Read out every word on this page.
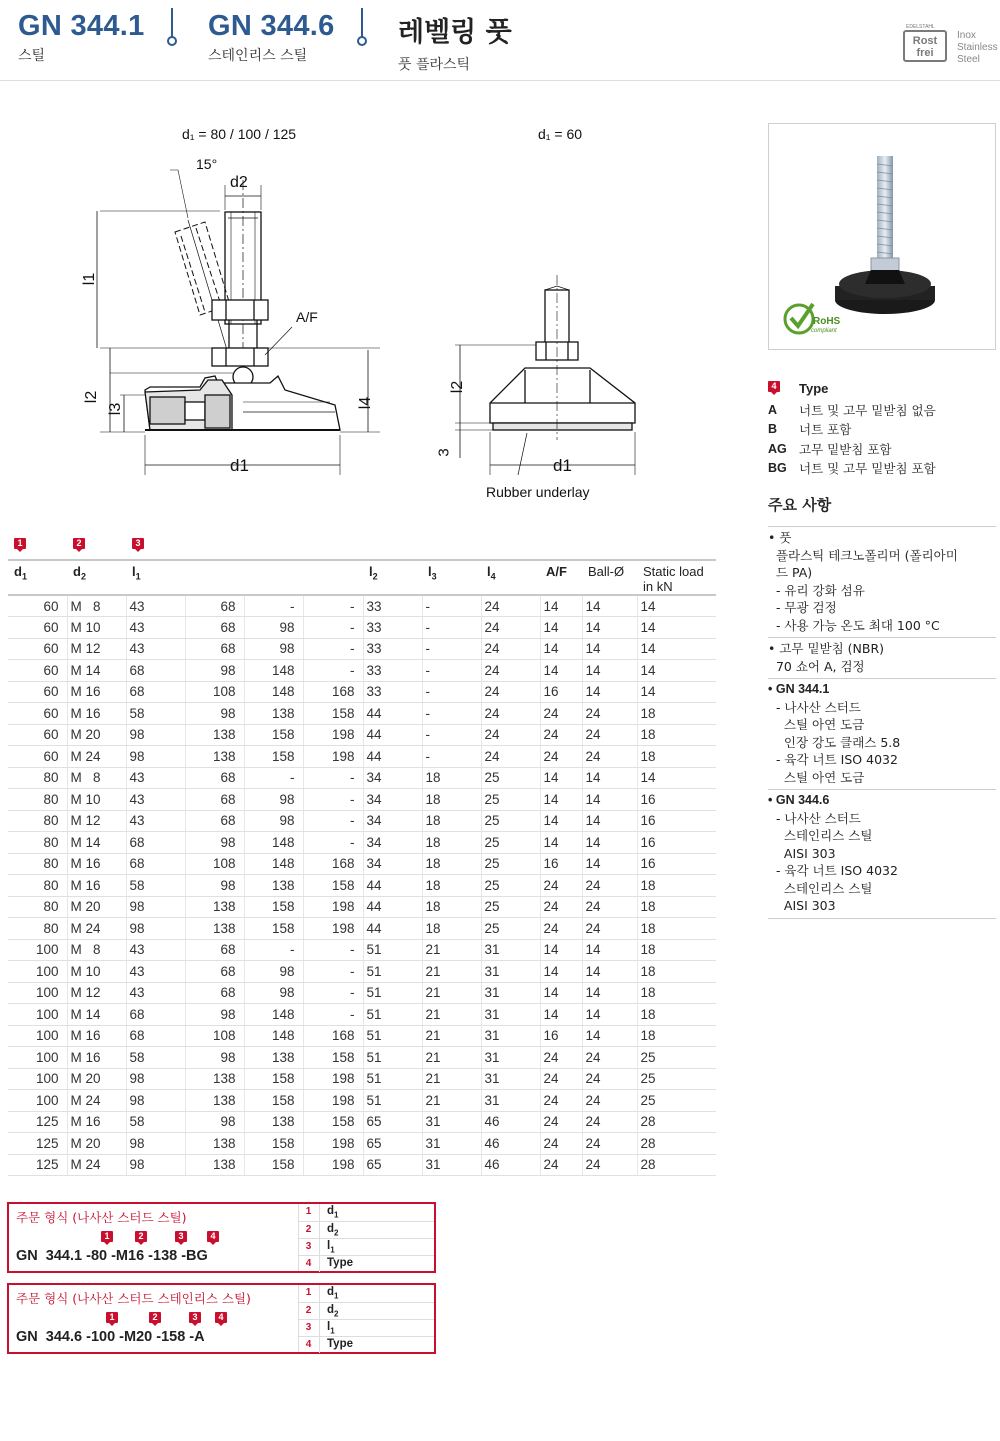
GN 344.1
스틸
GN 344.6
스테인리스 스틸
레벨링 풋
풋 플라스틱
Rost
frei
EDELSTAHL
Inox
Stainless
Steel
d₁ = 80 / 100 / 125	d₁ = 60
15°
d2
l1
A/F
l2
l3	l4
d1
l2
3
d1
Rubber underlay
RoHS
compliant
4 Type
A	너트 및 고무 밑받침 없음
B	너트 포함
AG 고무 밑받침 포함
BG 너트 및 고무 밑받침 포함
주요 사항
• 풋
플라스틱 테크노폴리머 (폴리아미
드 PA)
- 유리 강화 섬유
- 무광 검정
- 사용 가능 온도 최대 100 °C
• 고무 밑받침 (NBR)
70 쇼어 A, 검정
• GN 344.1
- 나사산 스터드
스틸 아연 도금
인장 강도 클래스 5.8
- 육각 너트 ISO 4032
스틸 아연 도금
• GN 344.6
- 나사산 스터드
스테인리스 스틸
AISI 303
- 육각 너트 ISO 4032
스테인리스 스틸
AISI 303
1	2	3
$d_1$	$d_2$	$l_1$				$l_2$	$l_3$	$l_4$	A/F	Ball-Ø	Static load in kN
60	M   8	43	68	-	-	33	-	24	14	14	14
60	M 10	43	68	98	-	33	-	24	14	14	14
60	M 12	43	68	98	-	33	-	24	14	14	14
60	M 14	68	98	148	-	33	-	24	14	14	14
60	M 16	68	108	148	168	33	-	24	16	14	14
60	M 16	58	98	138	158	44	-	24	24	24	18
60	M 20	98	138	158	198	44	-	24	24	24	18
60	M 24	98	138	158	198	44	-	24	24	24	18
80	M   8	43	68	-	-	34	18	25	14	14	14
80	M 10	43	68	98	-	34	18	25	14	14	16
80	M 12	43	68	98	-	34	18	25	14	14	16
80	M 14	68	98	148	-	34	18	25	14	14	16
80	M 16	68	108	148	168	34	18	25	16	14	16
80	M 16	58	98	138	158	44	18	25	24	24	18
80	M 20	98	138	158	198	44	18	25	24	24	18
80	M 24	98	138	158	198	44	18	25	24	24	18
100	M   8	43	68	-	-	51	21	31	14	14	18
100	M 10	43	68	98	-	51	21	31	14	14	18
100	M 12	43	68	98	-	51	21	31	14	14	18
100	M 14	68	98	148	-	51	21	31	14	14	18
100	M 16	68	108	148	168	51	21	31	16	14	18
100	M 16	58	98	138	158	51	21	31	24	24	25
100	M 20	98	138	158	198	51	21	31	24	24	25
100	M 24	98	138	158	198	51	21	31	24	24	25
125	M 16	58	98	138	158	65	31	46	24	24	28
125	M 20	98	138	158	198	65	31	46	24	24	28
125	M 24	98	138	158	198	65	31	46	24	24	28
주문 형식 (나사산 스터드 스틸)
GN  344.1 -80 -M16 -138 -BG
1	2	3	4
1	$d_1$
2	$d_2$
3	$l_1$
4	Type
주문 형식 (나사산 스터드 스테인리스 스틸)
GN  344.6 -100 -M20 -158 -A
1	2	3	4
1	$d_1$
2	$d_2$
3	$l_1$
4	Type
